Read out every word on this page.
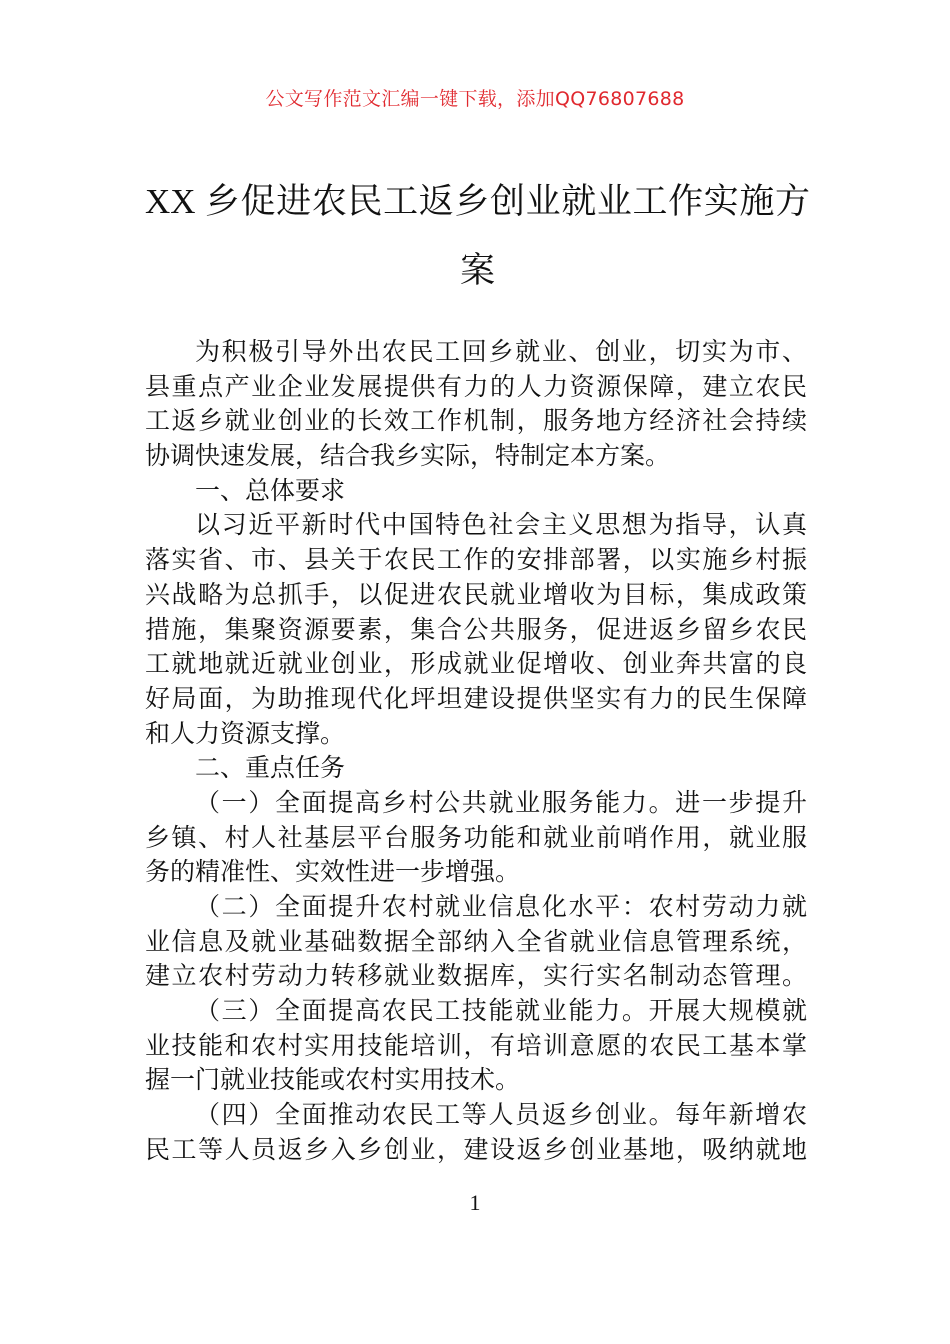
公文写作范文汇编一键下载，添加QQ76807688
XX 乡促进农民工返乡创业就业工作实施方
案
为积极引导外出农民工回乡就业、创业，切实为市、
县重点产业企业发展提供有力的人力资源保障，建立农民
工返乡就业创业的长效工作机制，服务地方经济社会持续
协调快速发展，结合我乡实际，特制定本方案。
一、总体要求
以习近平新时代中国特色社会主义思想为指导，认真
落实省、市、县关于农民工作的安排部署，以实施乡村振
兴战略为总抓手，以促进农民就业增收为目标，集成政策
措施，集聚资源要素，集合公共服务，促进返乡留乡农民
工就地就近就业创业，形成就业促增收、创业奔共富的良
好局面，为助推现代化坪坦建设提供坚实有力的民生保障
和人力资源支撑。
二、重点任务
（一）全面提高乡村公共就业服务能力。进一步提升
乡镇、村人社基层平台服务功能和就业前哨作用，就业服
务的精准性、实效性进一步增强。
（二）全面提升农村就业信息化水平：农村劳动力就
业信息及就业基础数据全部纳入全省就业信息管理系统，
建立农村劳动力转移就业数据库，实行实名制动态管理。
（三）全面提高农民工技能就业能力。开展大规模就
业技能和农村实用技能培训，有培训意愿的农民工基本掌
握一门就业技能或农村实用技术。
（四）全面推动农民工等人员返乡创业。每年新增农
民工等人员返乡入乡创业，建设返乡创业基地，吸纳就地
1
